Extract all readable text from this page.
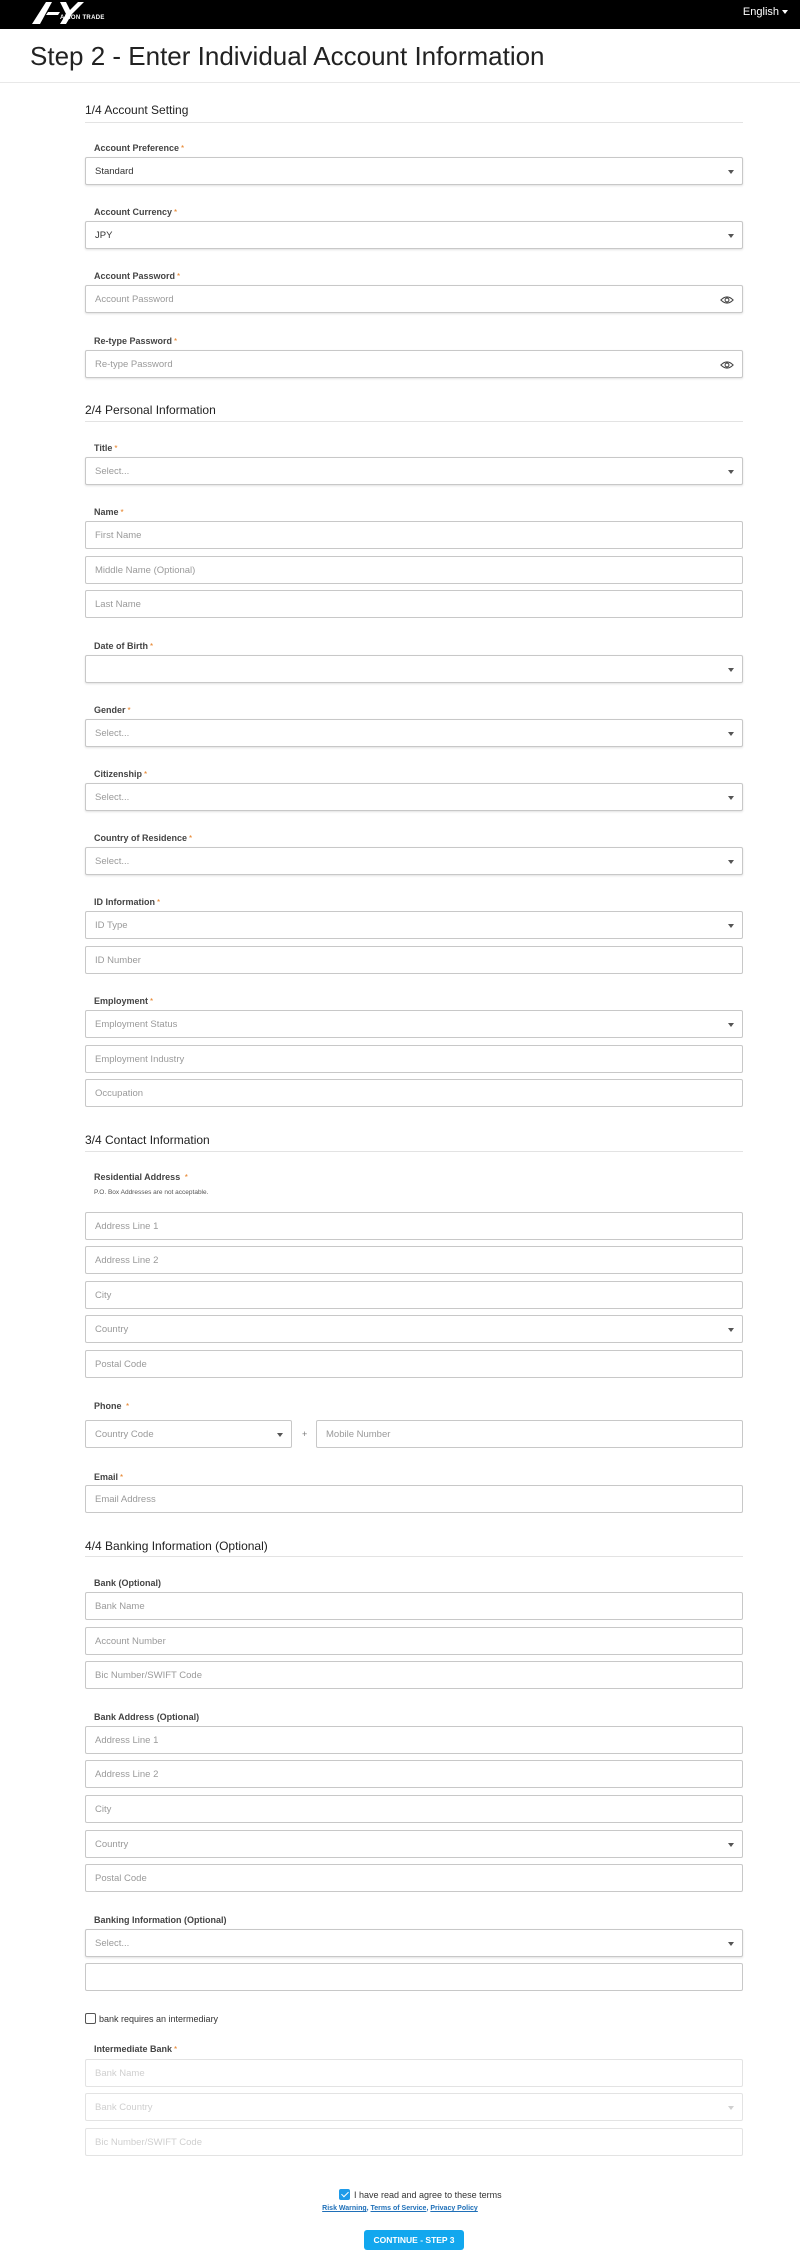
AXION TRADE	English
Step 2 - Enter Individual Account Information
1/4 Account Setting
Account Preference *
Standard
Account Currency *
JPY
Account Password *
Account Password
Re-type Password *
Re-type Password
2/4 Personal Information
Title *
Select...
Name *
First Name
Middle Name (Optional)
Last Name
Date of Birth *
Gender *
Select...
Citizenship *
Select...
Country of Residence *
Select...
ID Information *
ID Type
ID Number
Employment *
Employment Status
Employment Industry
Occupation
3/4 Contact Information
Residential Address *
P.O. Box Addresses are not acceptable.
Address Line 1
Address Line 2
City
Country
Postal Code
Phone *
Country Code	+ Mobile Number
Email *
Email Address
4/4 Banking Information (Optional)
Bank (Optional)
Bank Name
Account Number
Bic Number/SWIFT Code
Bank Address (Optional)
Address Line 1
Address Line 2
City
Country
Postal Code
Banking Information (Optional)
Select...
bank requires an intermediary
Intermediate Bank *
Bank Name
Bank Country
Bic Number/SWIFT Code
I have read and agree to these terms
Risk Warning, Terms of Service, Privacy Policy
CONTINUE - STEP 3
